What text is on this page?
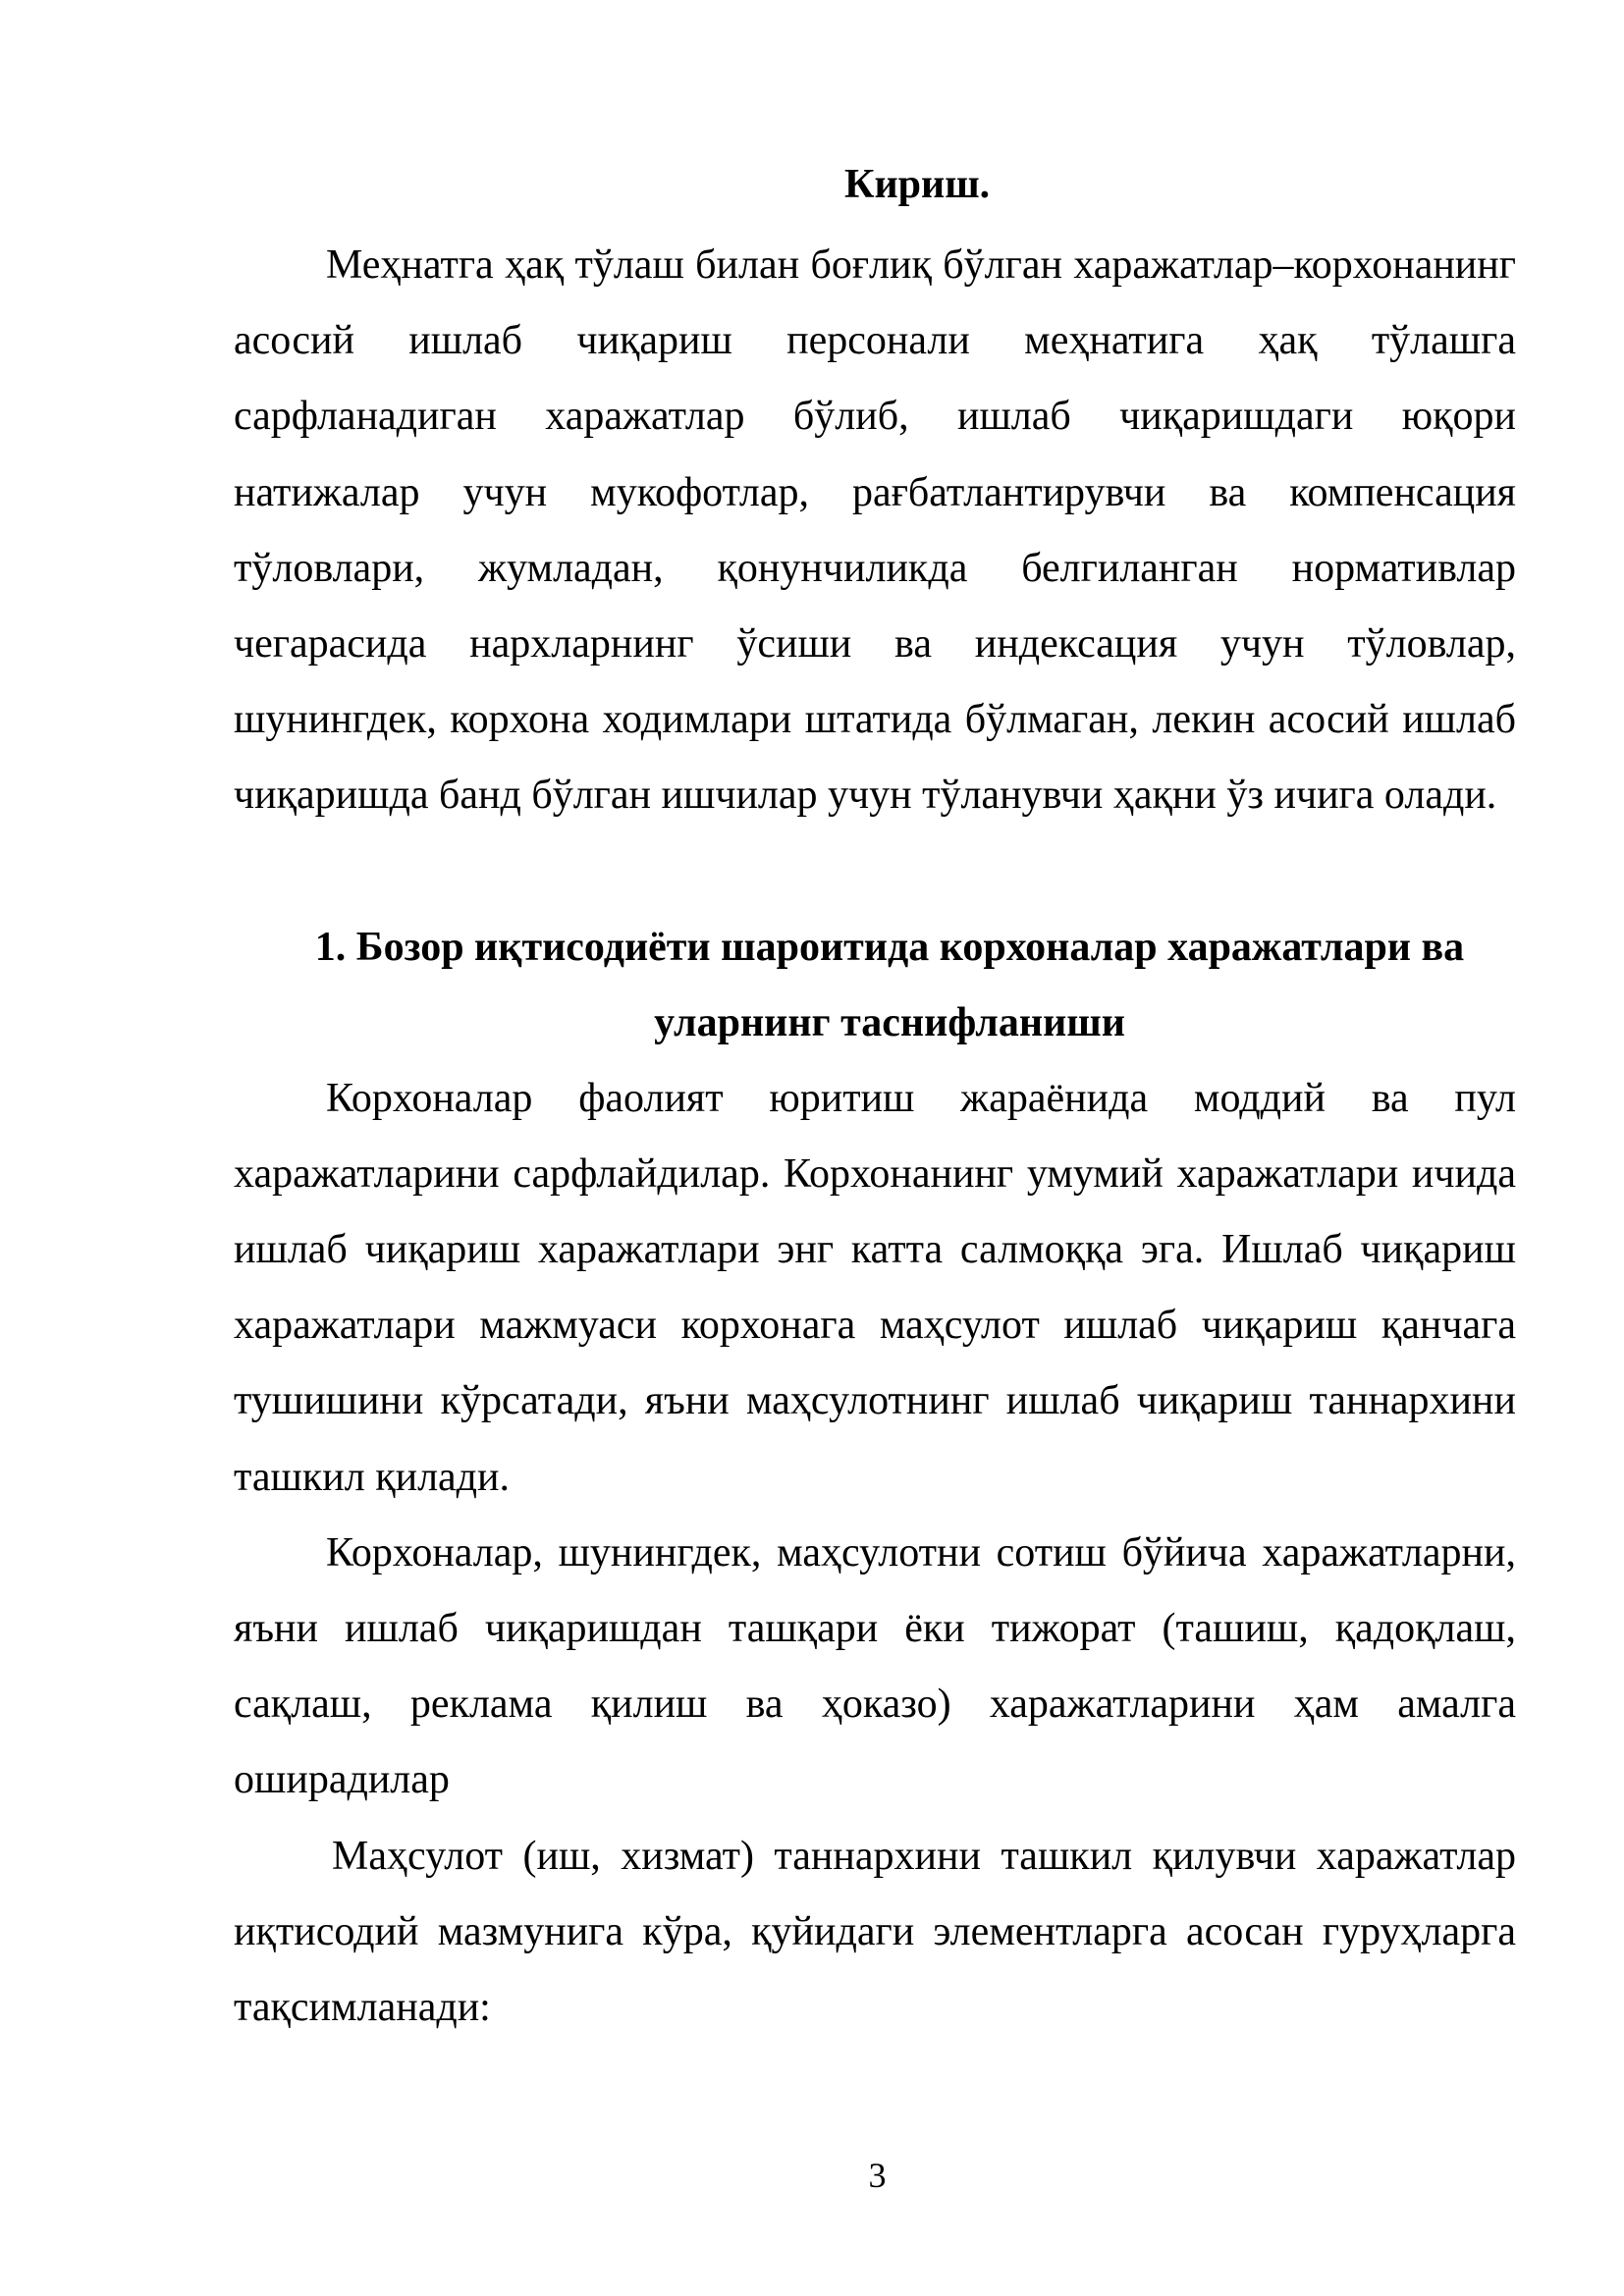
Кириш.

Меҳнатга ҳақ тўлаш билан боғлиқ бўлган харажатлар–корхонанинг асосий ишлаб чиқариш персонали меҳнатига ҳақ тўлашга сарфланадиган харажатлар бўлиб, ишлаб чиқаришдаги юқори натижалар учун мукофотлар, рағбатлантирувчи ва компенсация тўловлари, жумладан, қонунчиликда белгиланган нормативлар чегарасида нархларнинг ўсиши ва индексация учун тўловлар, шунингдек, корхона ходимлари штатида бўлмаган, лекин асосий ишлаб чиқаришда банд бўлган ишчилар учун тўланувчи ҳақни ўз ичига олади.

1. Бозор иқтисодиёти шароитида корхоналар харажатлари ва уларнинг таснифланиши

Корхоналар фаолият юритиш жараёнида моддий ва пул харажатларини сарфлайдилар. Корхонанинг умумий харажатлари ичида ишлаб чиқариш харажатлари энг катта салмоққа эга. Ишлаб чиқариш харажатлари мажмуаси корхонага маҳсулот ишлаб чиқариш қанчага тушишини кўрсатади, яъни маҳсулотнинг ишлаб чиқариш таннархини ташкил қилади.

Корхоналар, шунингдек, маҳсулотни сотиш бўйича харажатларни, яъни ишлаб чиқаришдан ташқари ёки тижорат (ташиш, қадоқлаш, сақлаш, реклама қилиш ва ҳоказо) харажатларини ҳам амалга оширадилар

Маҳсулот (иш, хизмат) таннархини ташкил қилувчи харажатлар иқтисодий мазмунига кўра, қуйидаги элементларга асосан гуруҳларга тақсимланади:

3
